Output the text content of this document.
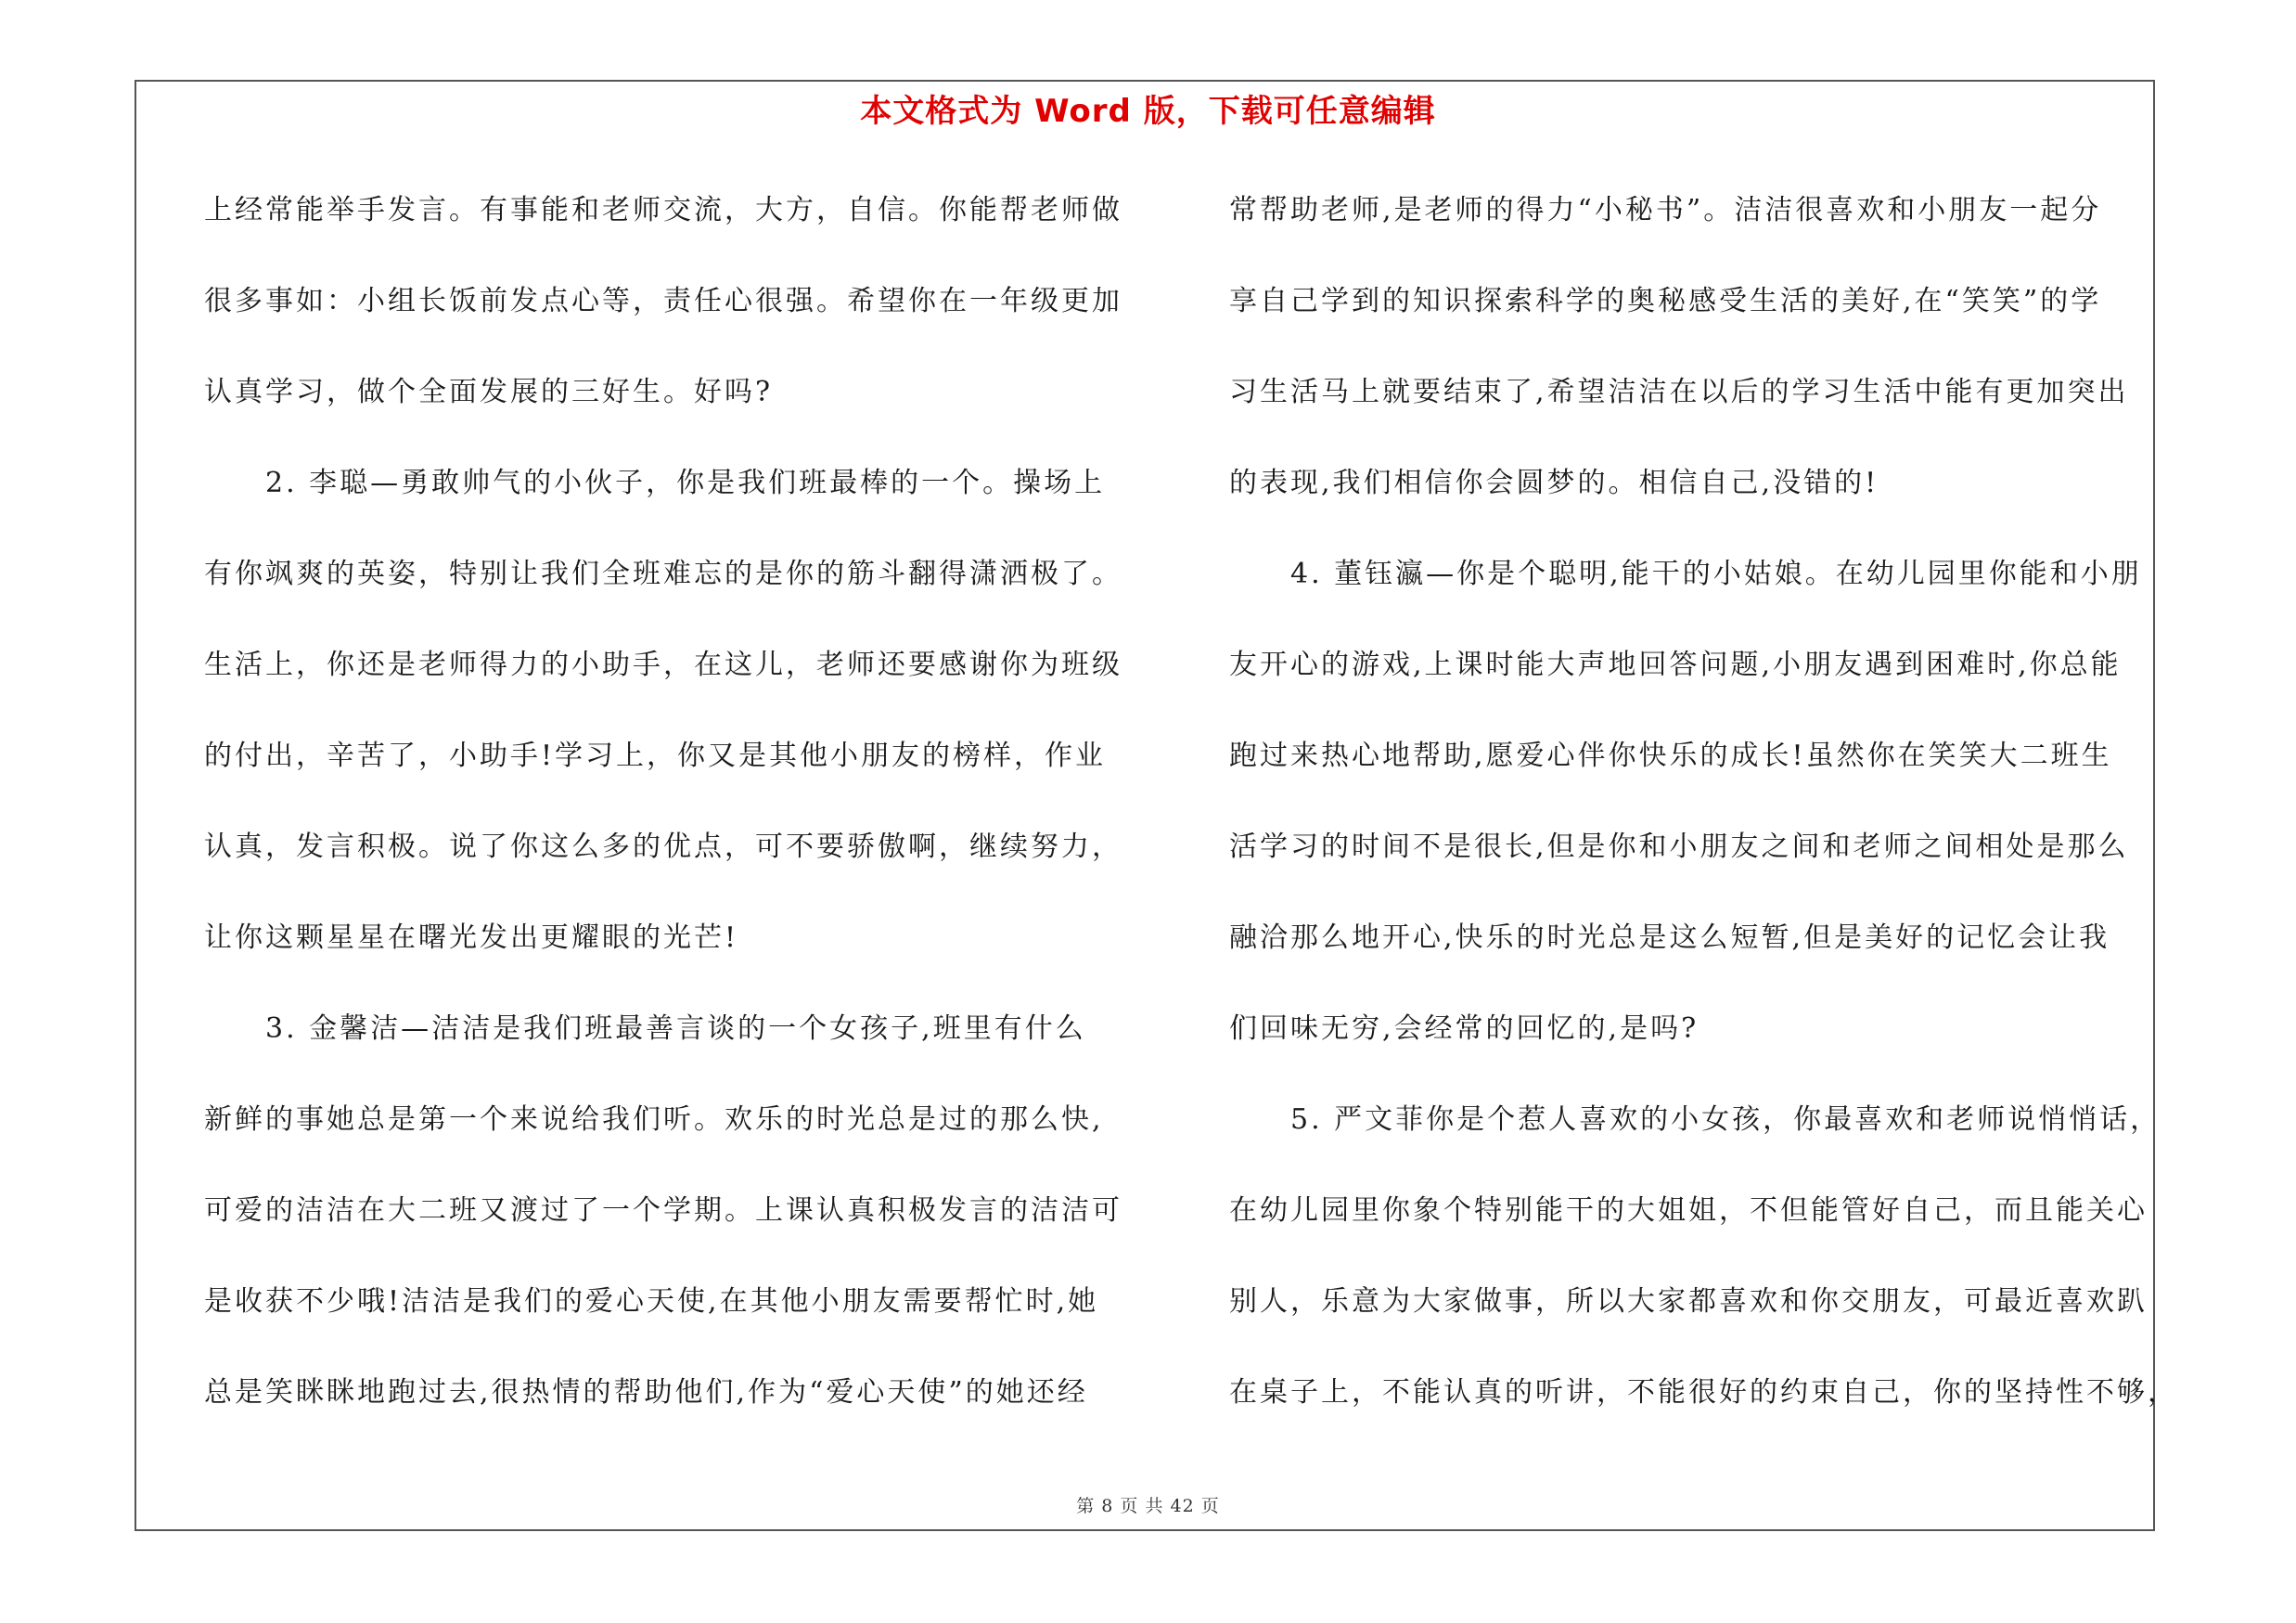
本文格式为 Word 版，下载可任意编辑
上经常能举手发言。有事能和老师交流，大方，自信。你能帮老师做
很多事如：小组长饭前发点心等，责任心很强。希望你在一年级更加
认真学习，做个全面发展的三好生。好吗?
　　2. 李聪—勇敢帅气的小伙子，你是我们班最棒的一个。操场上
有你飒爽的英姿，特别让我们全班难忘的是你的筋斗翻得潇洒极了。
生活上，你还是老师得力的小助手，在这儿，老师还要感谢你为班级
的付出，辛苦了，小助手!学习上，你又是其他小朋友的榜样，作业
认真，发言积极。说了你这么多的优点，可不要骄傲啊，继续努力，
让你这颗星星在曙光发出更耀眼的光芒!
　　3. 金馨洁—洁洁是我们班最善言谈的一个女孩子,班里有什么
新鲜的事她总是第一个来说给我们听。欢乐的时光总是过的那么快,
可爱的洁洁在大二班又渡过了一个学期。上课认真积极发言的洁洁可
是收获不少哦!洁洁是我们的爱心天使,在其他小朋友需要帮忙时,她
总是笑眯眯地跑过去,很热情的帮助他们,作为“爱心天使”的她还经
常帮助老师,是老师的得力“小秘书”。洁洁很喜欢和小朋友一起分
享自己学到的知识探索科学的奥秘感受生活的美好,在“笑笑”的学
习生活马上就要结束了,希望洁洁在以后的学习生活中能有更加突出
的表现,我们相信你会圆梦的。相信自己,没错的!
　　4. 董钰瀛—你是个聪明,能干的小姑娘。在幼儿园里你能和小朋
友开心的游戏,上课时能大声地回答问题,小朋友遇到困难时,你总能
跑过来热心地帮助,愿爱心伴你快乐的成长!虽然你在笑笑大二班生
活学习的时间不是很长,但是你和小朋友之间和老师之间相处是那么
融洽那么地开心,快乐的时光总是这么短暂,但是美好的记忆会让我
们回味无穷,会经常的回忆的,是吗?
　　5. 严文菲你是个惹人喜欢的小女孩，你最喜欢和老师说悄悄话，
在幼儿园里你象个特别能干的大姐姐，不但能管好自己，而且能关心
别人，乐意为大家做事，所以大家都喜欢和你交朋友，可最近喜欢趴
在桌子上，不能认真的听讲，不能很好的约束自己，你的坚持性不够，
第 8 页 共 42 页
